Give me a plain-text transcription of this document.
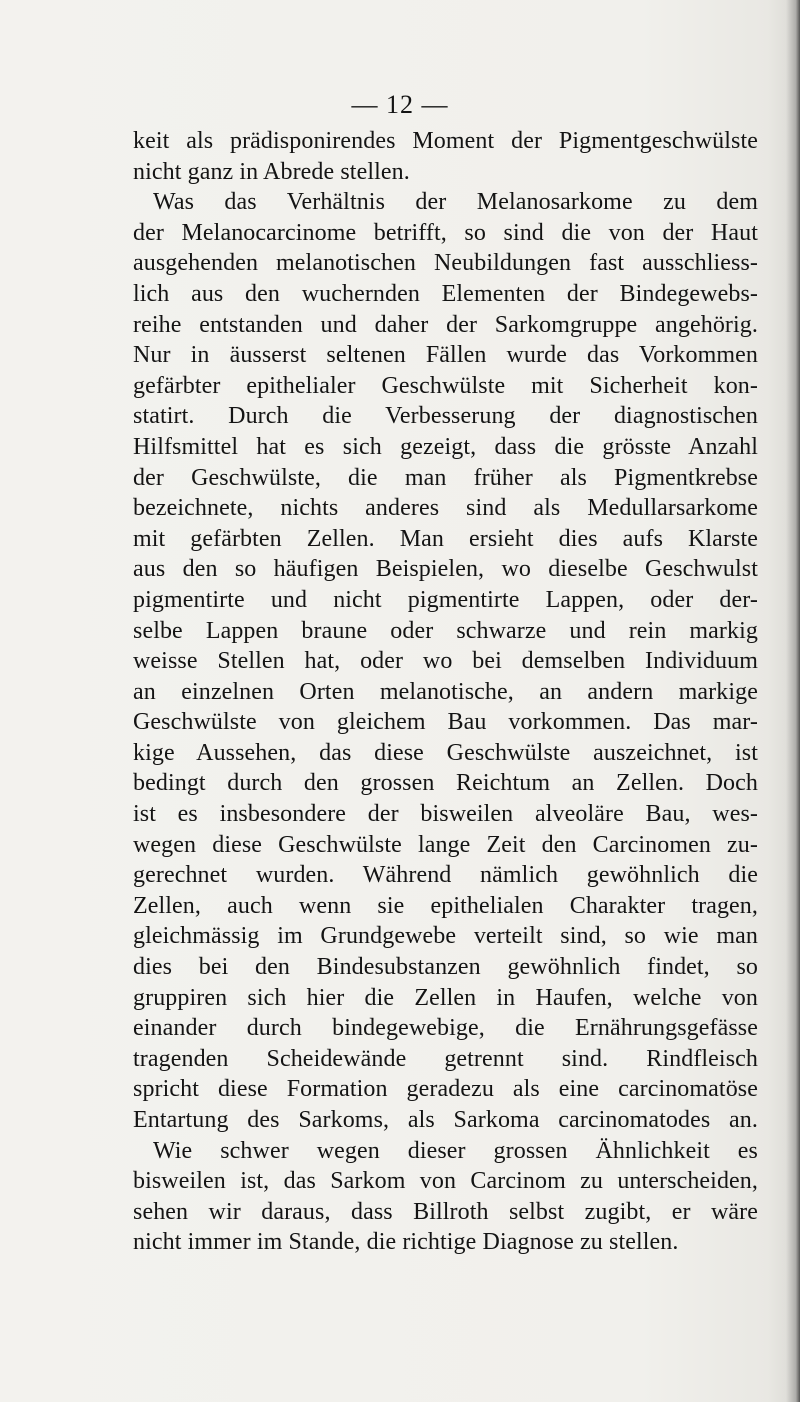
— 12 —
keit als prädisponirendes Moment der Pigmentgeschwülste
nicht ganz in Abrede stellen.
Was das Verhältnis der Melanosarkome zu dem
der Melanocarcinome betrifft, so sind die von der Haut
ausgehenden melanotischen Neubildungen fast ausschliess-
lich aus den wuchernden Elementen der Bindegewebs-
reihe entstanden und daher der Sarkomgruppe angehörig.
Nur in äusserst seltenen Fällen wurde das Vorkommen
gefärbter epithelialer Geschwülste mit Sicherheit kon-
statirt. Durch die Verbesserung der diagnostischen
Hilfsmittel hat es sich gezeigt, dass die grösste Anzahl
der Geschwülste, die man früher als Pigmentkrebse
bezeichnete, nichts anderes sind als Medullarsarkome
mit gefärbten Zellen. Man ersieht dies aufs Klarste
aus den so häufigen Beispielen, wo dieselbe Geschwulst
pigmentirte und nicht pigmentirte Lappen, oder der-
selbe Lappen braune oder schwarze und rein markig
weisse Stellen hat, oder wo bei demselben Individuum
an einzelnen Orten melanotische, an andern markige
Geschwülste von gleichem Bau vorkommen. Das mar-
kige Aussehen, das diese Geschwülste auszeichnet, ist
bedingt durch den grossen Reichtum an Zellen. Doch
ist es insbesondere der bisweilen alveoläre Bau, wes-
wegen diese Geschwülste lange Zeit den Carcinomen zu-
gerechnet wurden. Während nämlich gewöhnlich die
Zellen, auch wenn sie epithelialen Charakter tragen,
gleichmässig im Grundgewebe verteilt sind, so wie man
dies bei den Bindesubstanzen gewöhnlich findet, so
gruppiren sich hier die Zellen in Haufen, welche von
einander durch bindegewebige, die Ernährungsgefässe
tragenden Scheidewände getrennt sind. Rindfleisch
spricht diese Formation geradezu als eine carcinomatöse
Entartung des Sarkoms, als Sarkoma carcinomatodes an.
Wie schwer wegen dieser grossen Ähnlichkeit es
bisweilen ist, das Sarkom von Carcinom zu unterscheiden,
sehen wir daraus, dass Billroth selbst zugibt, er wäre
nicht immer im Stande, die richtige Diagnose zu stellen.
